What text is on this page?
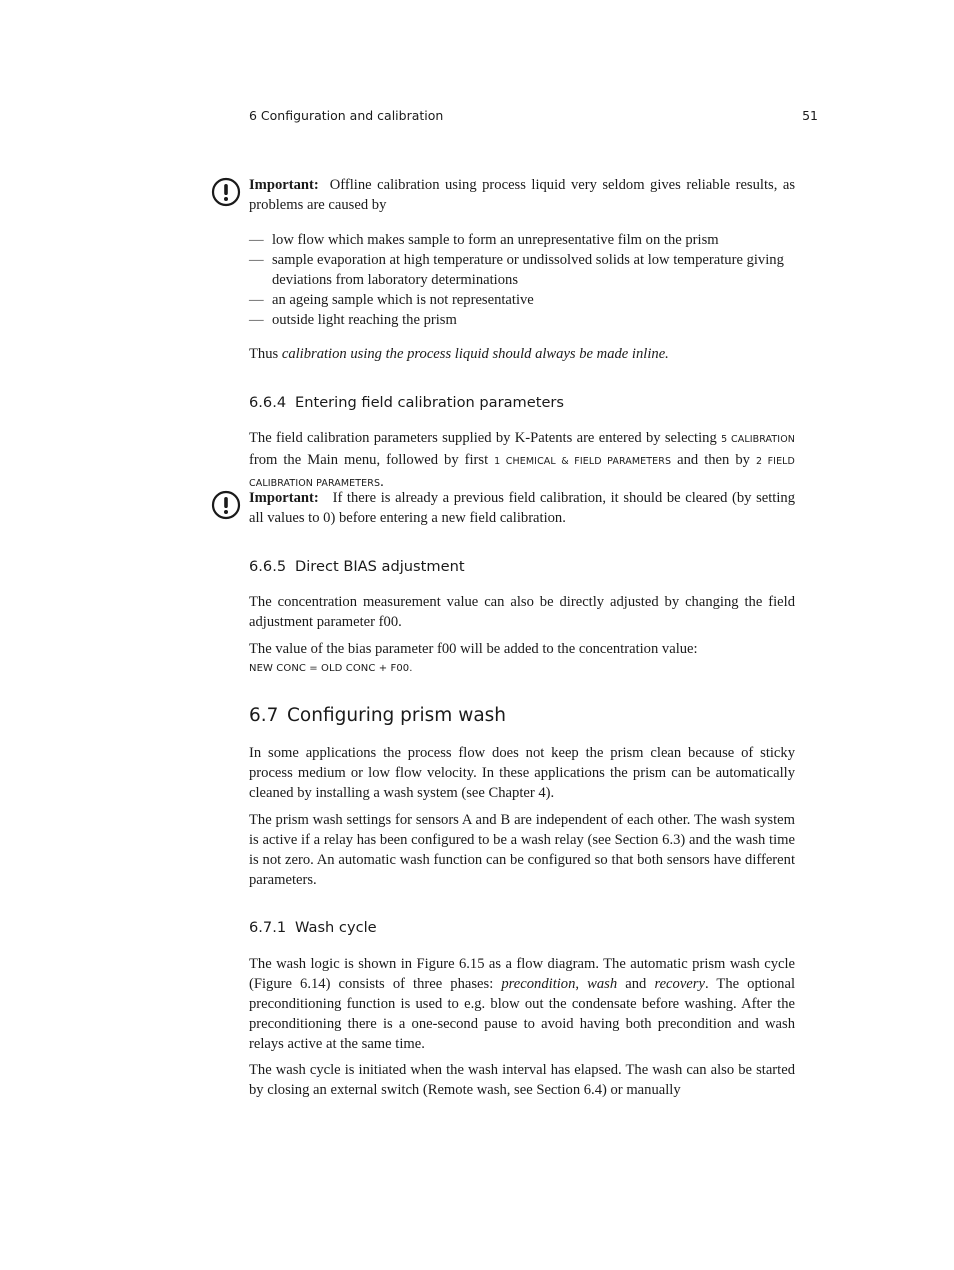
6 Configuration and calibration	51

Important: Offline calibration using process liquid very seldom gives reliable results, as problems are caused by

— low flow which makes sample to form an unrepresentative film on the prism
— sample evaporation at high temperature or undissolved solids at low temperature giving deviations from laboratory determinations
— an ageing sample which is not representative
— outside light reaching the prism

Thus calibration using the process liquid should always be made inline.

6.6.4 Entering field calibration parameters

The field calibration parameters supplied by K-Patents are entered by selecting 5 CALIBRATION from the Main menu, followed by first 1 CHEMICAL & FIELD PARAMETERS and then by 2 FIELD CALIBRATION PARAMETERS.

Important: If there is already a previous field calibration, it should be cleared (by setting all values to 0) before entering a new field calibration.

6.6.5 Direct BIAS adjustment

The concentration measurement value can also be directly adjusted by changing the field adjustment parameter f00.

The value of the bias parameter f00 will be added to the concentration value:

NEW CONC = OLD CONC + F00.

6.7 Configuring prism wash

In some applications the process flow does not keep the prism clean because of sticky process medium or low flow velocity. In these applications the prism can be automatically cleaned by installing a wash system (see Chapter 4).

The prism wash settings for sensors A and B are independent of each other. The wash system is active if a relay has been configured to be a wash relay (see Section 6.3) and the wash time is not zero. An automatic wash function can be configured so that both sensors have different parameters.

6.7.1 Wash cycle

The wash logic is shown in Figure 6.15 as a flow diagram. The automatic prism wash cycle (Figure 6.14) consists of three phases: precondition, wash and recovery. The optional preconditioning function is used to e.g. blow out the condensate before washing. After the preconditioning there is a one-second pause to avoid having both precondition and wash relays active at the same time.

The wash cycle is initiated when the wash interval has elapsed. The wash can also be started by closing an external switch (Remote wash, see Section 6.4) or manually
